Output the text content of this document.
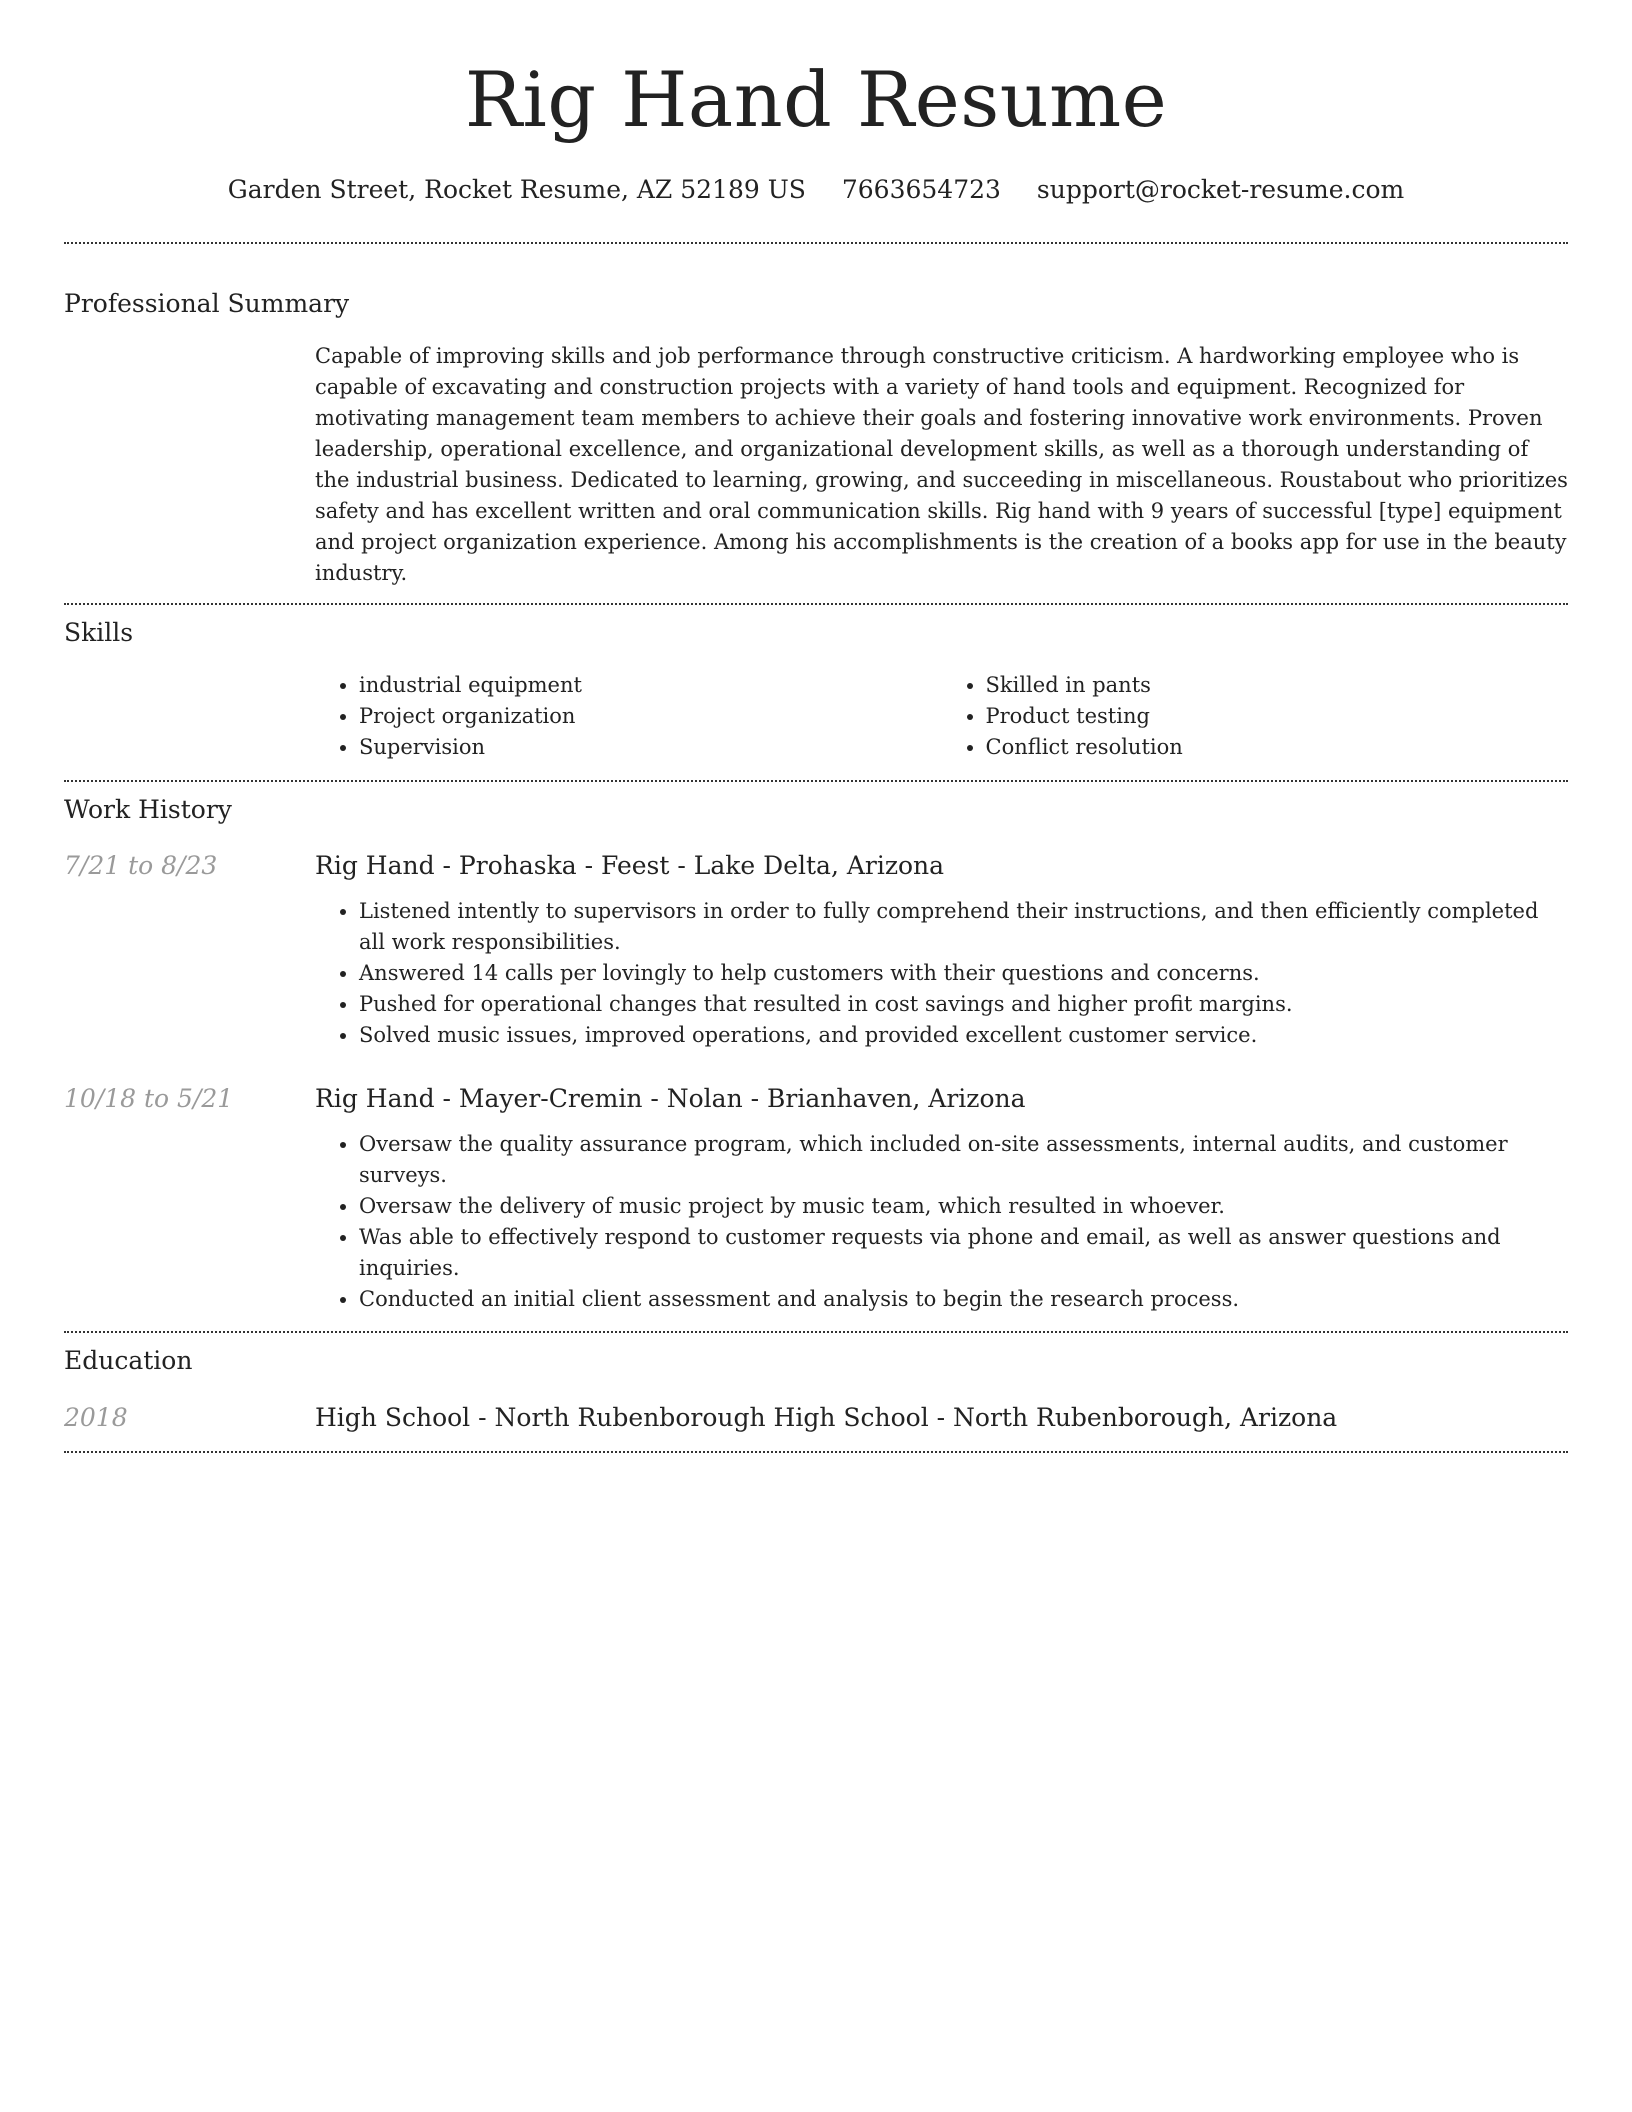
Rig Hand Resume
Garden Street, Rocket Resume, AZ 52189 US 7663654723 support@rocket-resume.com
Professional Summary

Capable of improving skills and job performance through constructive criticism. A hardworking employee who is capable of excavating and construction projects with a variety of hand tools and equipment. Recognized for motivating management team members to achieve their goals and fostering innovative work environments. Proven leadership, operational excellence, and organizational development skills, as well as a thorough understanding of the industrial business. Dedicated to learning, growing, and succeeding in miscellaneous. Roustabout who prioritizes safety and has excellent written and oral communication skills. Rig hand with 9 years of successful [type] equipment and project organization experience. Among his accomplishments is the creation of a books app for use in the beauty industry.

Skills
• industrial equipment
• Project organization
• Supervision
• Skilled in pants
• Product testing
• Conflict resolution
Work History
7/21 to 8/23	Rig Hand - Prohaska - Feest - Lake Delta, Arizona
• Listened intently to supervisors in order to fully comprehend their instructions, and then efficiently completed all work responsibilities.
• Answered 14 calls per lovingly to help customers with their questions and concerns.
• Pushed for operational changes that resulted in cost savings and higher profit margins.
• Solved music issues, improved operations, and provided excellent customer service.
10/18 to 5/21	Rig Hand - Mayer-Cremin - Nolan - Brianhaven, Arizona
• Oversaw the quality assurance program, which included on-site assessments, internal audits, and customer surveys.
• Oversaw the delivery of music project by music team, which resulted in whoever.
• Was able to effectively respond to customer requests via phone and email, as well as answer questions and inquiries.
• Conducted an initial client assessment and analysis to begin the research process.
Education
2018	High School - North Rubenborough High School - North Rubenborough, Arizona
